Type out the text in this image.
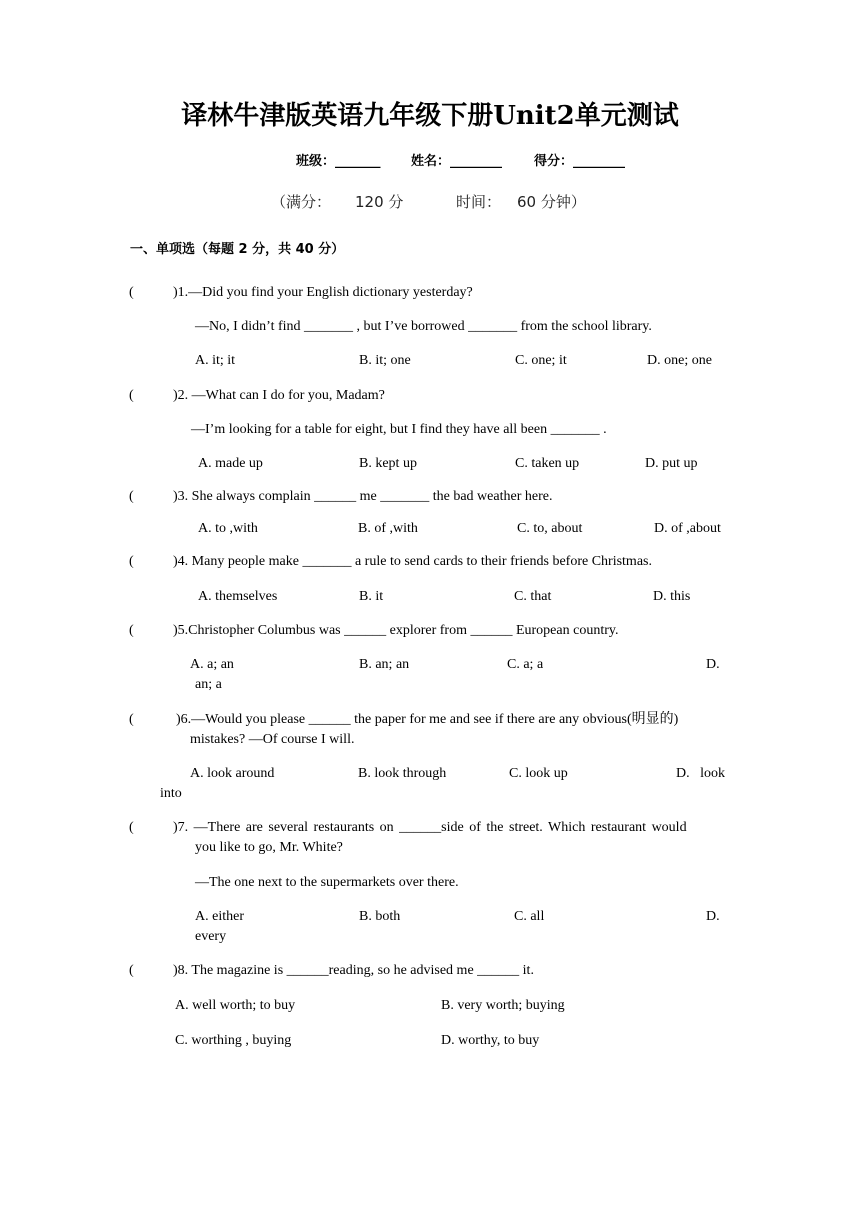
译林牛津版英语九年级下册Unit2单元测试
班级：_______ 姓名：________ 得分：________
（满分： 120 分	时间： 60 分钟）
一、单项选（每题 2 分，共 40 分）
(	)1.—Did you find your English dictionary yesterday?
—No, I didn’t find _______ , but I’ve borrowed _______ from the school library.
A. it; it	B. it; one	C. one; it	D. one; one
(	)2. —What can I do for you, Madam?
—I’m looking for a table for eight, but I find they have all been _______ .
A. made up	B. kept up	C. taken up	D. put up
(	)3. She always complain ______ me _______ the bad weather here.
A. to ,with	B. of ,with	C. to, about	D. of ,about
(	)4. Many people make _______ a rule to send cards to their friends before Christmas.
A. themselves	B. it	C. that	D. this
(	)5.Christopher Columbus was ______ explorer from ______ European country.
A. a; an	B. an; an	C. a; a	D.
an; a
(	)6.—Would you please ______ the paper for me and see if there are any obvious(明显的)
mistakes? —Of course I will.
A. look around	B. look through	C. look up	D.   look
into
(	)7. —There are several restaurants on ______side of the street. Which restaurant would
you like to go, Mr. White?
—The one next to the supermarkets over there.
A. either	B. both	C. all	D.
every
(	)8. The magazine is ______reading, so he advised me ______ it.
A. well worth; to buy	B. very worth; buying
C. worthing , buying	D. worthy, to buy
